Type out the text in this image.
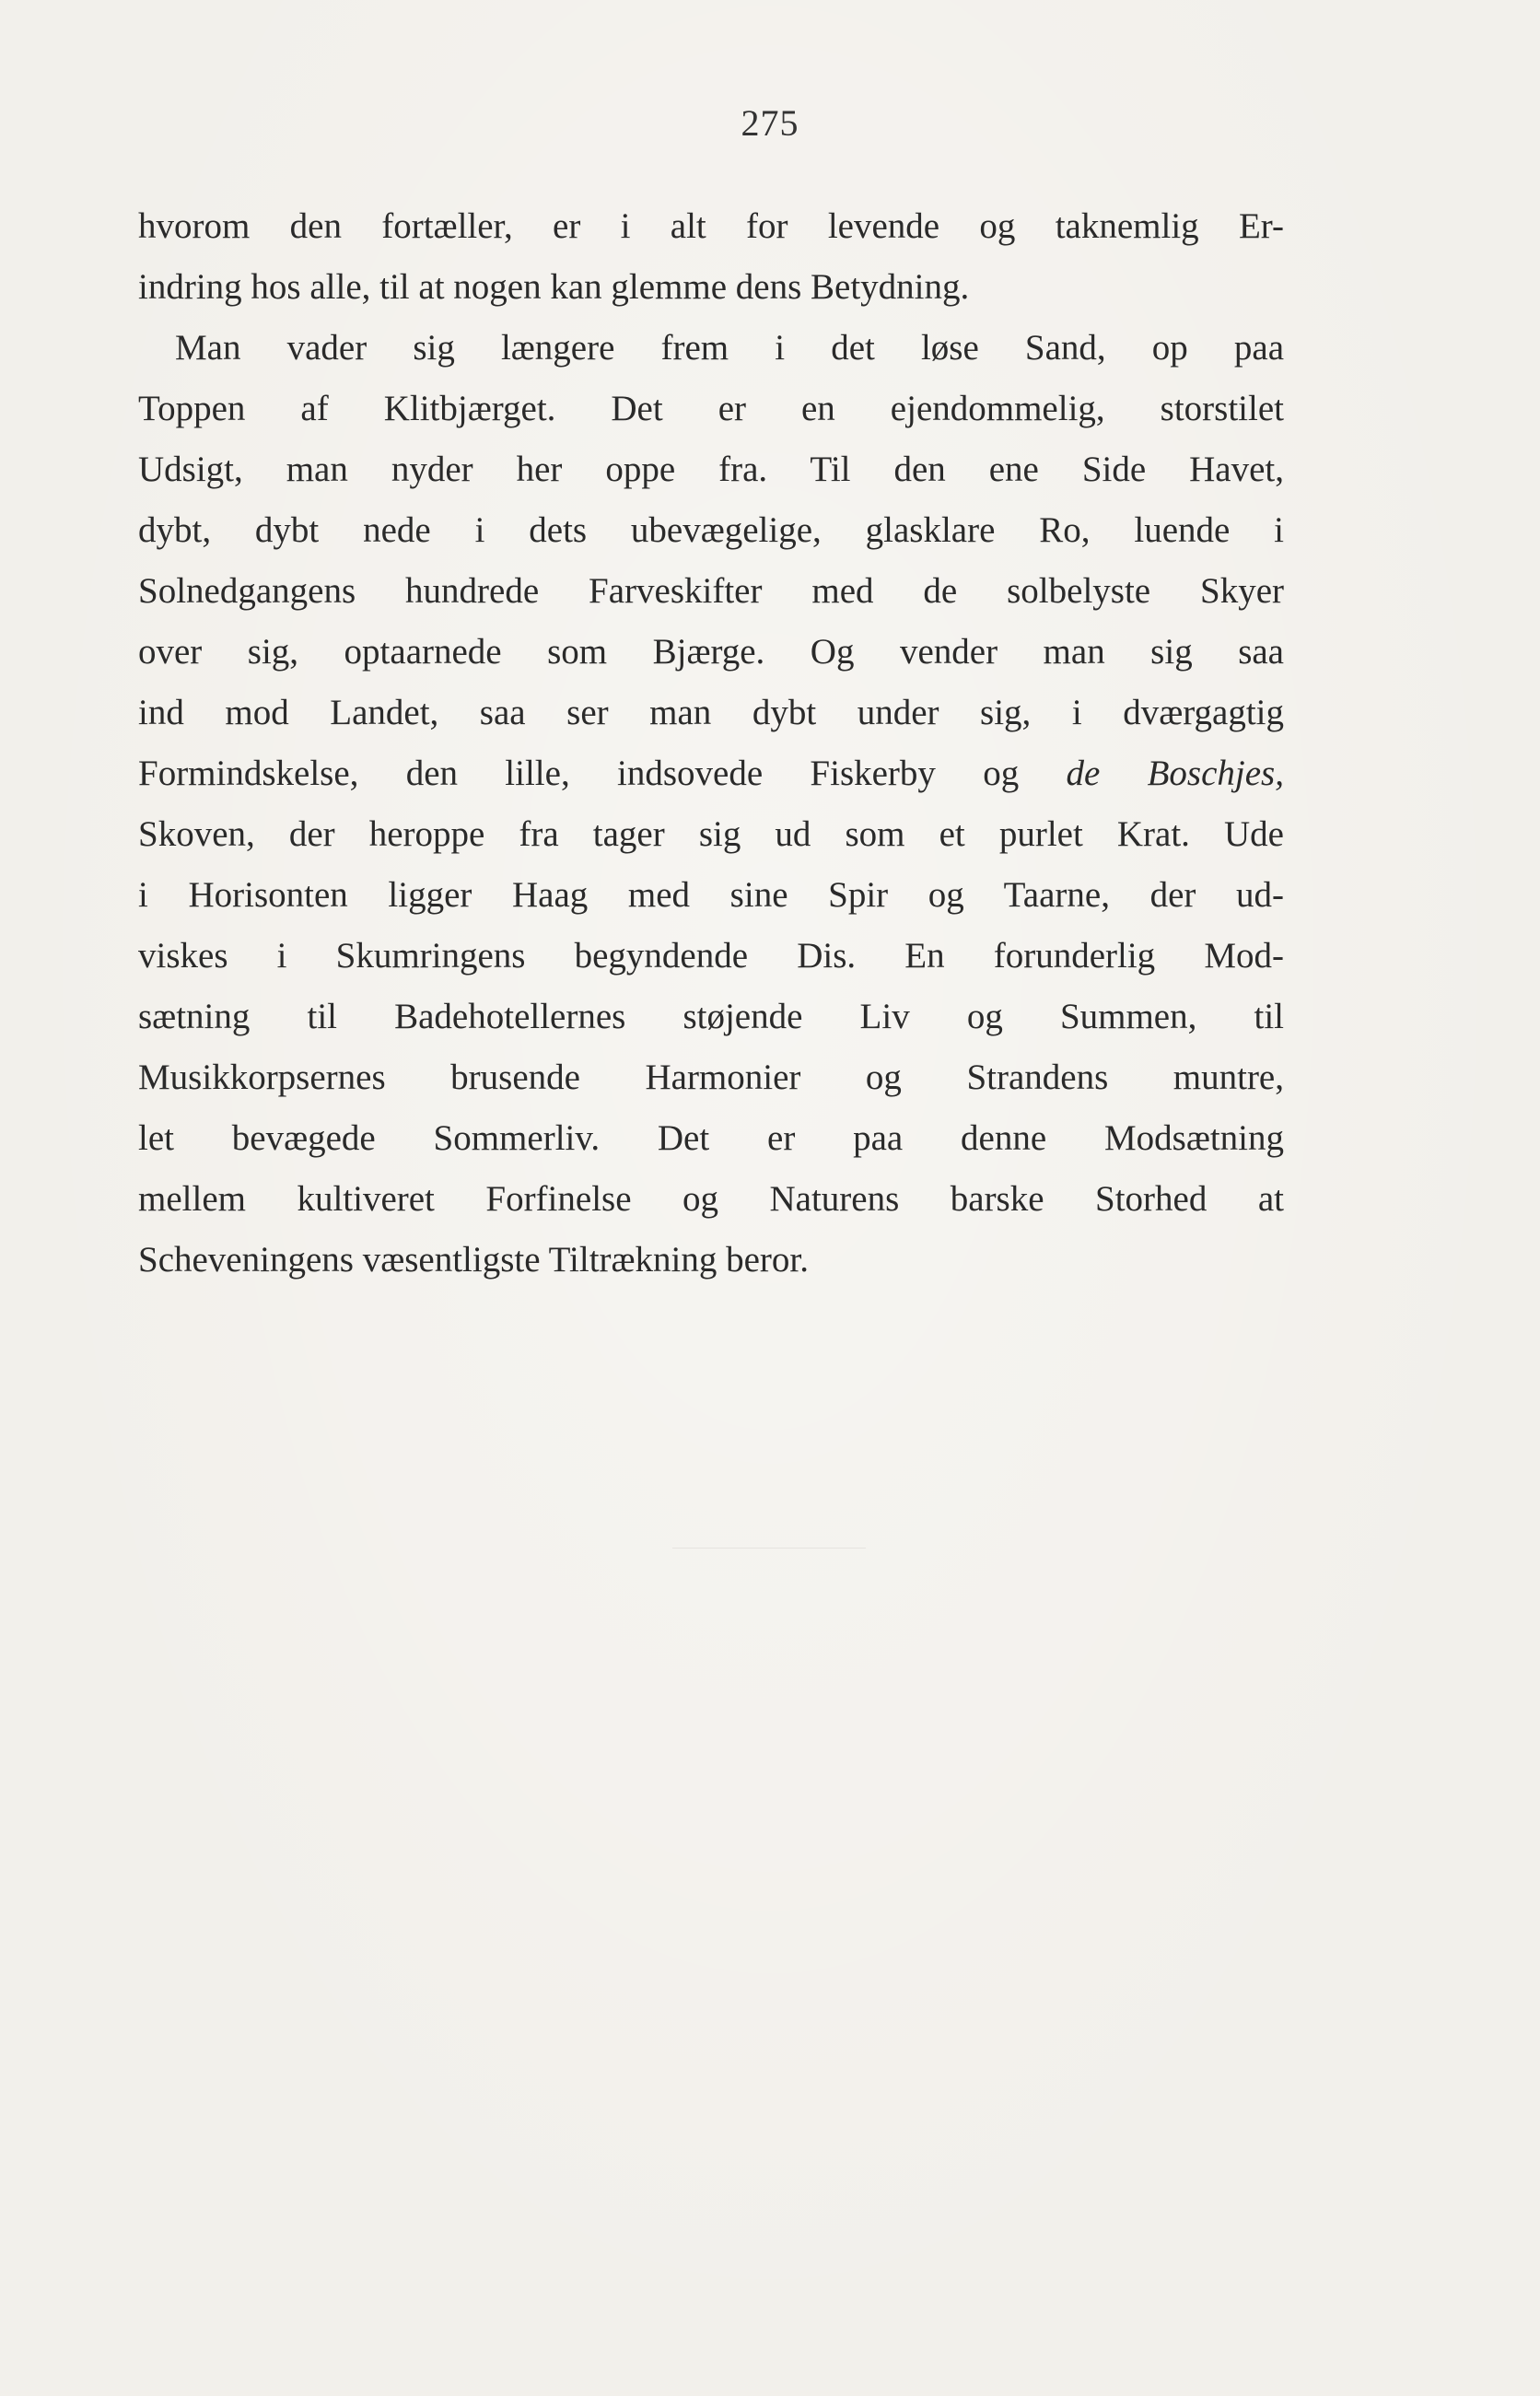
275
hvorom den fortæller, er i alt for levende og taknemlig Er-
indring hos alle, til at nogen kan glemme dens Betydning.
Man vader sig længere frem i det løse Sand, op paa
Toppen af Klitbjærget. Det er en ejendommelig, storstilet
Udsigt, man nyder her oppe fra. Til den ene Side Havet,
dybt, dybt nede i dets ubevægelige, glasklare Ro, luende i
Solnedgangens hundrede Farveskifter med de solbelyste Skyer
over sig, optaarnede som Bjærge. Og vender man sig saa
ind mod Landet, saa ser man dybt under sig, i dværgagtig
Formindskelse, den lille, indsovede Fiskerby og de Boschjes,
Skoven, der heroppe fra tager sig ud som et purlet Krat. Ude
i Horisonten ligger Haag med sine Spir og Taarne, der ud-
viskes i Skumringens begyndende Dis. En forunderlig Mod-
sætning til Badehotellernes støjende Liv og Summen, til
Musikkorpsernes brusende Harmonier og Strandens muntre,
let bevægede Sommerliv. Det er paa denne Modsætning
mellem kultiveret Forfinelse og Naturens barske Storhed at
Scheveningens væsentligste Tiltrækning beror.
